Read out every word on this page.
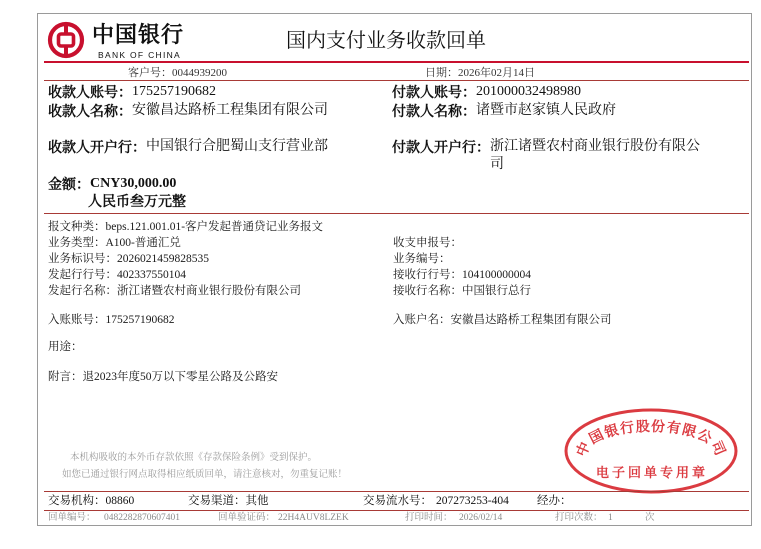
中国银行
BANK OF CHINA
国内支付业务收款回单
客户号：0044939200	日期：2026年02月14日
收款人账号： 175257190682	付款人账号： 201000032498980
收款人名称： 安徽昌达路桥工程集团有限公司	付款人名称： 诸暨市赵家镇人民政府
收款人开户行： 中国银行合肥蜀山支行营业部	付款人开户行： 浙江诸暨农村商业银行股份有限公司
金额： CNY30,000.00
人民币叁万元整
报文种类：beps.121.001.01-客户发起普通贷记业务报文
业务类型：A100-普通汇兑	收支申报号：
业务标识号：2026021459828535	业务编号：
发起行行号：402337550104	接收行行号：104100000004
发起行名称：浙江诸暨农村商业银行股份有限公司	接收行名称：中国银行总行
入账账号：175257190682	入账户名：安徽昌达路桥工程集团有限公司
用途：
附言：退2023年度50万以下零星公路及公路安
本机构吸收的本外币存款依照《存款保险条例》受到保护。
如您已通过银行网点取得相应纸质回单，请注意核对，勿重复记账！
中国银行股份有限公司
电子回单专用章
交易机构：08860	交易渠道：其他	交易流水号： 207273253-404 经办：
回单编号： 0482282870607401	回单验证码： 22H4AUV8LZEK	打印时间： 2026/02/14	打印次数： 1	次
